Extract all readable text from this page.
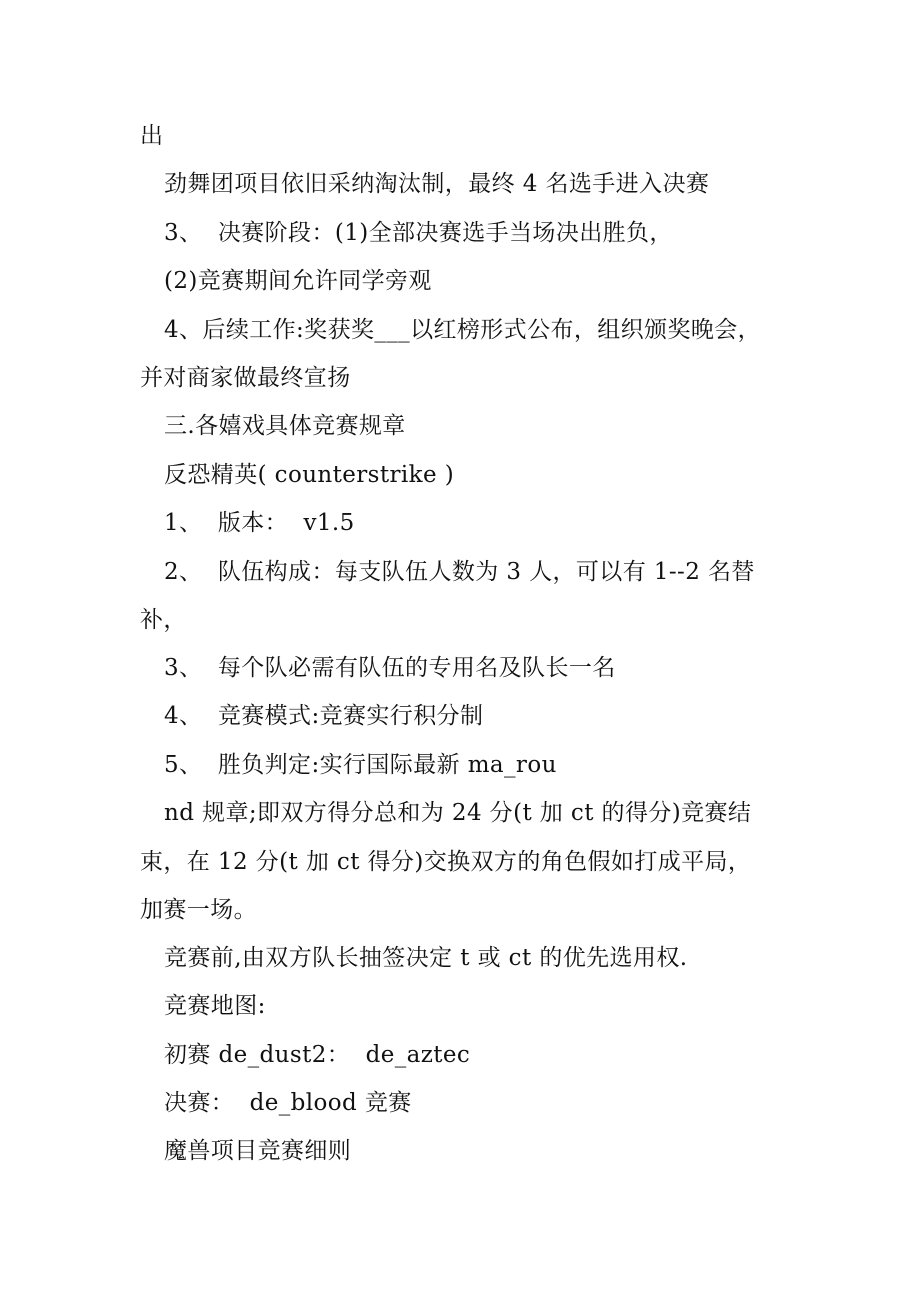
出
劲舞团项目依旧采纳淘汰制，最终 4 名选手进入决赛
3、  决赛阶段：(1)全部决赛选手当场决出胜负，
(2)竞赛期间允许同学旁观
4、后续工作:奖获奖___以红榜形式公布，组织颁奖晚会，
并对商家做最终宣扬
三.各嬉戏具体竞赛规章
反恐精英( counterstrike )
1、  版本：  v1.5
2、  队伍构成：每支队伍人数为 3 人，可以有 1--2 名替
补，
3、  每个队必需有队伍的专用名及队长一名
4、  竞赛模式:竞赛实行积分制
5、  胜负判定:实行国际最新 ma_rou
nd 规章;即双方得分总和为 24 分(t 加 ct 的得分)竞赛结
束，在 12 分(t 加 ct 得分)交换双方的角色假如打成平局，
加赛一场。
竞赛前,由双方队长抽签决定 t 或 ct 的优先选用权.
竞赛地图:
初赛 de_dust2：  de_aztec
决赛：  de_blood 竞赛
魔兽项目竞赛细则
